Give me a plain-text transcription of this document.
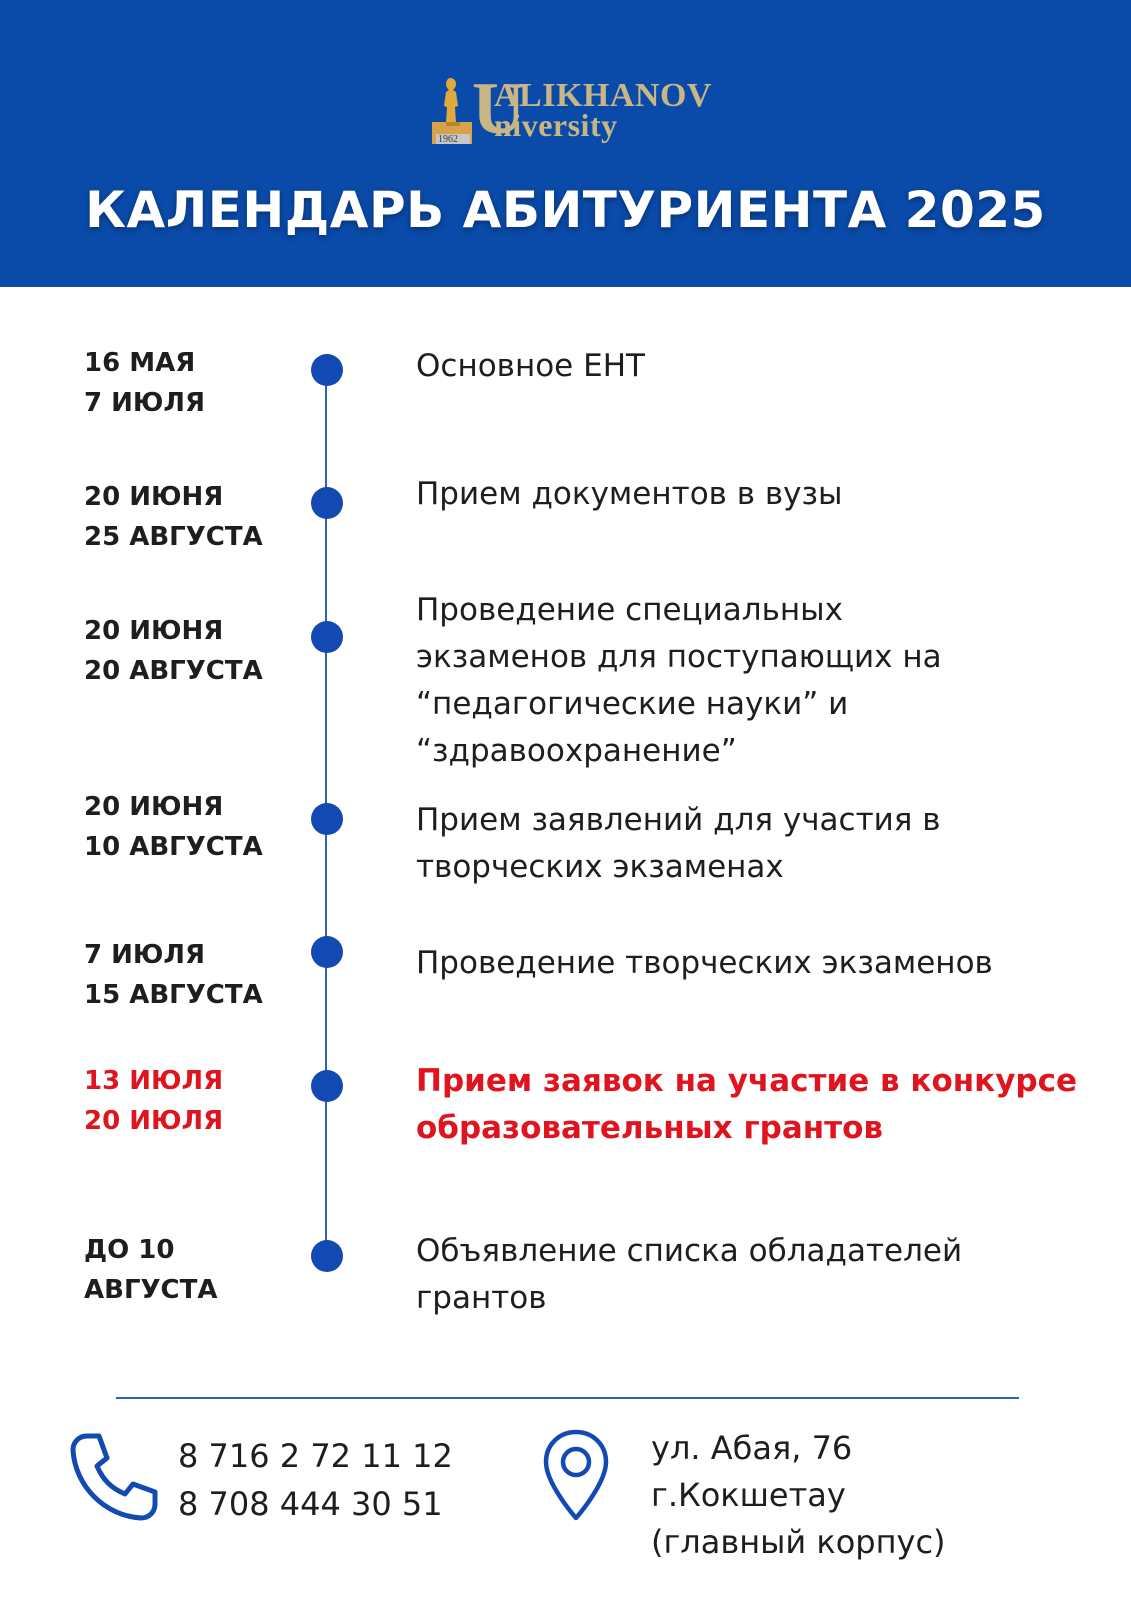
U
ALIKHANOV
niversity
1962
КАЛЕНДАРЬ АБИТУРИЕНТА 2025
16 МАЯ
7 ИЮЛЯ
Основное ЕНТ
20 ИЮНЯ
25 АВГУСТА
Прием документов в вузы
20 ИЮНЯ
20 АВГУСТА
Проведение специальных экзаменов для поступающих на “педагогические науки” и “здравоохранение”
20 ИЮНЯ
10 АВГУСТА
Прием заявлений для участия в творческих экзаменах
7 ИЮЛЯ
15 АВГУСТА
Проведение творческих экзаменов
13 ИЮЛЯ
20 ИЮЛЯ
Прием заявок на участие в конкурсе образовательных грантов
ДО 10
АВГУСТА
Объявление списка обладателей грантов
8 716 2 72 11 12
8 708 444 30 51
ул. Абая, 76
г.Кокшетау
(главный корпус)
